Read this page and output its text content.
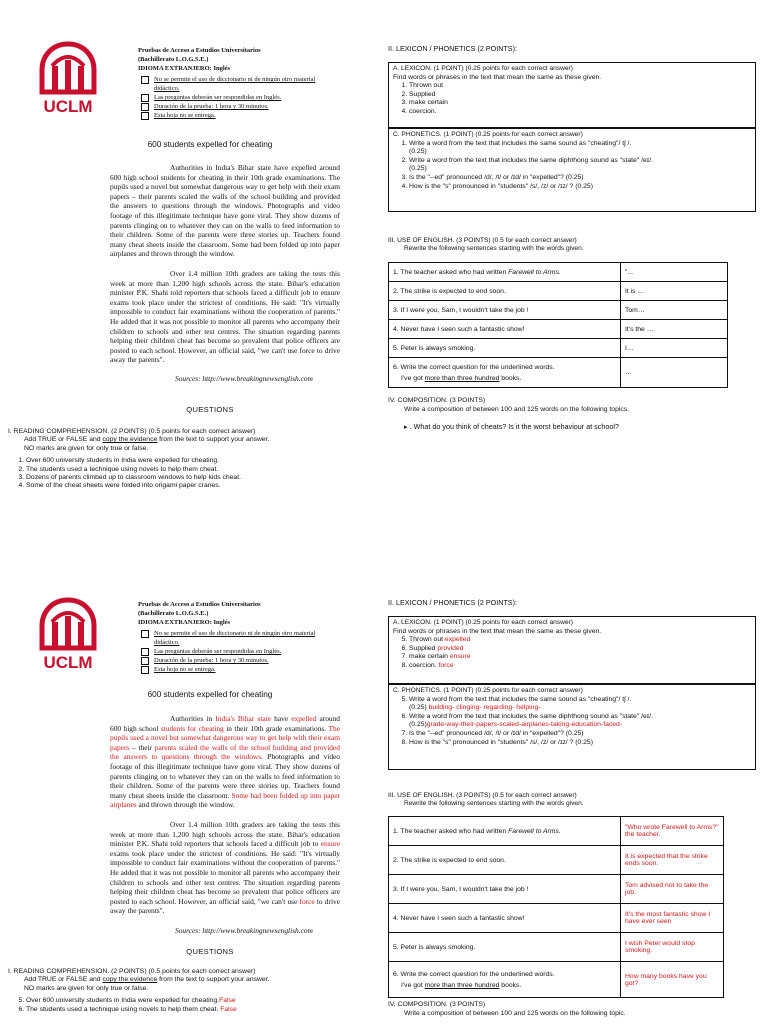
UCLM
Pruebas de Acceso a Estudios Universitarios
(Bachillerato L.O.G.S.E.)
IDIOMA EXTRANJERO: Inglés
No se permite el uso de diccionario ni de ningún otro material didáctico.
Las preguntas deberán ser respondidas en Inglés.
Duración de la prueba: 1 hora y 30 minutos.
Esta hoja no se entrega.
600 students expelled for cheating

Authorities in India's Bihar state have expelled around 600 high school students for cheating in their 10th grade examinations. The pupils used a novel but somewhat dangerous way to get help with their exam papers – their parents scaled the walls of the school building and provided the answers to questions through the windows. Photographs and video footage of this illegitimate technique have gone viral. They show dozens of parents clinging on to whatever they can on the walls to feed information to their children. Some of the parents were three stories up. Teachers found many cheat sheets inside the classroom. Some had been folded up into paper airplanes and thrown through the window.

Over 1.4 million 10th graders are taking the tests this week at more than 1,200 high schools across the state. Bihar's education minister P.K. Shahi told reporters that schools faced a difficult job to ensure exams took place under the strictest of conditions. He said: "It's virtually impossible to conduct fair examinations without the cooperation of parents." He added that it was not possible to monitor all parents who accompany their children to schools and other test centres. The situation regarding parents helping their children cheat has become so prevalent that police officers are posted to each school. However, an official said, "we can't use force to drive away the parents".

Sources: http://www.breakingnewsenglish.com
QUESTIONS
I. READING COMPREHENSION. (2 POINTS) (0.5 points for each correct answer)
Add TRUE or FALSE and copy the evidence from the text to support your answer.
NO marks are given for only true or false.
1. Over 600 university students in India were expelled for cheating.
2. The students used a technique using novels to help them cheat.
3. Dozens of parents climbed up to classroom windows to help kids cheat.
4. Some of the cheat sheets were folded into origami paper cranes.
II. LEXICON / PHONETICS (2 POINTS):
A. LEXICON. (1 POINT) (0.25 points for each correct answer)
Find words or phrases in the text that mean the same as these given.
1. Thrown out
2. Supplied
3. make certain
4. coercion.
C. PHONETICS. (1 POINT) (0.25 points for each correct answer)
1. Write a word from the text that includes the same sound as "cheating"/ tʃ /.
(0.25)
2. Write a word from the text that includes the same diphthong sound as "state" /eɪ/.
(0.25)
3. Is the "--ed" pronounced /d/, /t/ or /ɪd/ in "expelled"? (0.25)
4. How is the "s" pronounced in "students" /s/, /z/ or /ɪz/ ? (0.25)
III. USE OF ENGLISH. (3 POINTS) (0.5 for each correct answer)
Rewrite the following sentences starting with the words given.
1. The teacher asked who had written Farewell to Arms.	"...
2. The strike is expected to end soon.	It is …
3. If I were you, Sam, I wouldn't take the job !	Tom…
4. Never have I seen such a fantastic show!	It's the …
5. Peter is always smoking.	I…

6. Write the correct question for the underlined words.
I've got more than three hundred books.	…
IV. COMPOSITION. (3 POINTS)
Write a composition of between 100 and 125 words on the following topics.
▸ . What do you think of cheats? Is it the worst behaviour at school?
UCLM
Pruebas de Acceso a Estudios Universitarios
(Bachillerato L.O.G.S.E.)
IDIOMA EXTRANJERO: Inglés
No se permite el uso de diccionario ni de ningún otro material didáctico.
Las preguntas deberán ser respondidas en Inglés.
Duración de la prueba: 1 hora y 30 minutos.
Esta hoja no se entrega.
600 students expelled for cheating

Authorities in India's Bihar state have expelled around 600 high school students for cheating in their 10th grade examinations. The pupils used a novel but somewhat dangerous way to get help with their exam papers – their parents scaled the walls of the school building and provided the answers to questions through the windows. Photographs and video footage of this illegitimate technique have gone viral. They show dozens of parents clinging on to whatever they can on the walls to feed information to their children. Some of the parents were three stories up. Teachers found many cheat sheets inside the classroom. Some had been folded up into paper airplanes and thrown through the window.

Over 1.4 million 10th graders are taking the tests this week at more than 1,200 high schools across the state. Bihar's education minister P.K. Shahi told reporters that schools faced a difficult job to ensure exams took place under the strictest of conditions. He said: "It's virtually impossible to conduct fair examinations without the cooperation of parents." He added that it was not possible to monitor all parents who accompany their children to schools and other test centres. The situation regarding parents helping their children cheat has become so prevalent that police officers are posted to each school. However, an official said, "we can't use force to drive away the parents".

Sources: http://www.breakingnewsenglish.com
QUESTIONS
I. READING COMPREHENSION. (2 POINTS) (0.5 points for each correct answer)
Add TRUE or FALSE and copy the evidence from the text to support your answer.
NO marks are given for only true or false.
5. Over 600 university students in India were expelled for cheating.False
6. The students used a technique using novels to help them cheat. False
II. LEXICON / PHONETICS (2 POINTS):
A. LEXICON. (1 POINT) (0.25 points for each correct answer)
Find words or phrases in the text that mean the same as these given.
5. Thrown out expelled
6. Supplied provided
7. make certain ensure
8. coercion. force
C. PHONETICS. (1 POINT) (0.25 points for each correct answer)
5. Write a word from the text that includes the same sound as "cheating"/ tʃ /.
(0.25) building- clinging- regarding- helping-
6. Write a word from the text that includes the same diphthong sound as "state" /eɪ/.
(0.25)grade-way-their-papers-scaled-airplanes-taking-education-faced-
7. Is the "--ed" pronounced /d/, /t/ or /ɪd/ in "expelled"? (0.25)
8. How is the "s" pronounced in "students" /s/, /z/ or /ɪz/ ? (0.25)
III. USE OF ENGLISH. (3 POINTS) (0.5 for each correct answer)
Rewrite the following sentences starting with the words given.
1. The teacher asked who had written Farewell to Arms.	"Who wrote Farewell to Arms?" the teacher.
2. The strike is expected to end soon.	It is expected that the strike ends soon.
3. If I were you, Sam, I wouldn't take the job !	Tom advised not to take the job.
4. Never have I seen such a fantastic show!	It's the most fantastic show I have ever seen
5. Peter is always smoking.	I wish Peter would stop smoking.

6. Write the correct question for the underlined words.
I've got more than three hundred books.	How many books have you got?
IV. COMPOSITION. (3 POINTS)
Write a composition of between 100 and 125 words on the following topic.
